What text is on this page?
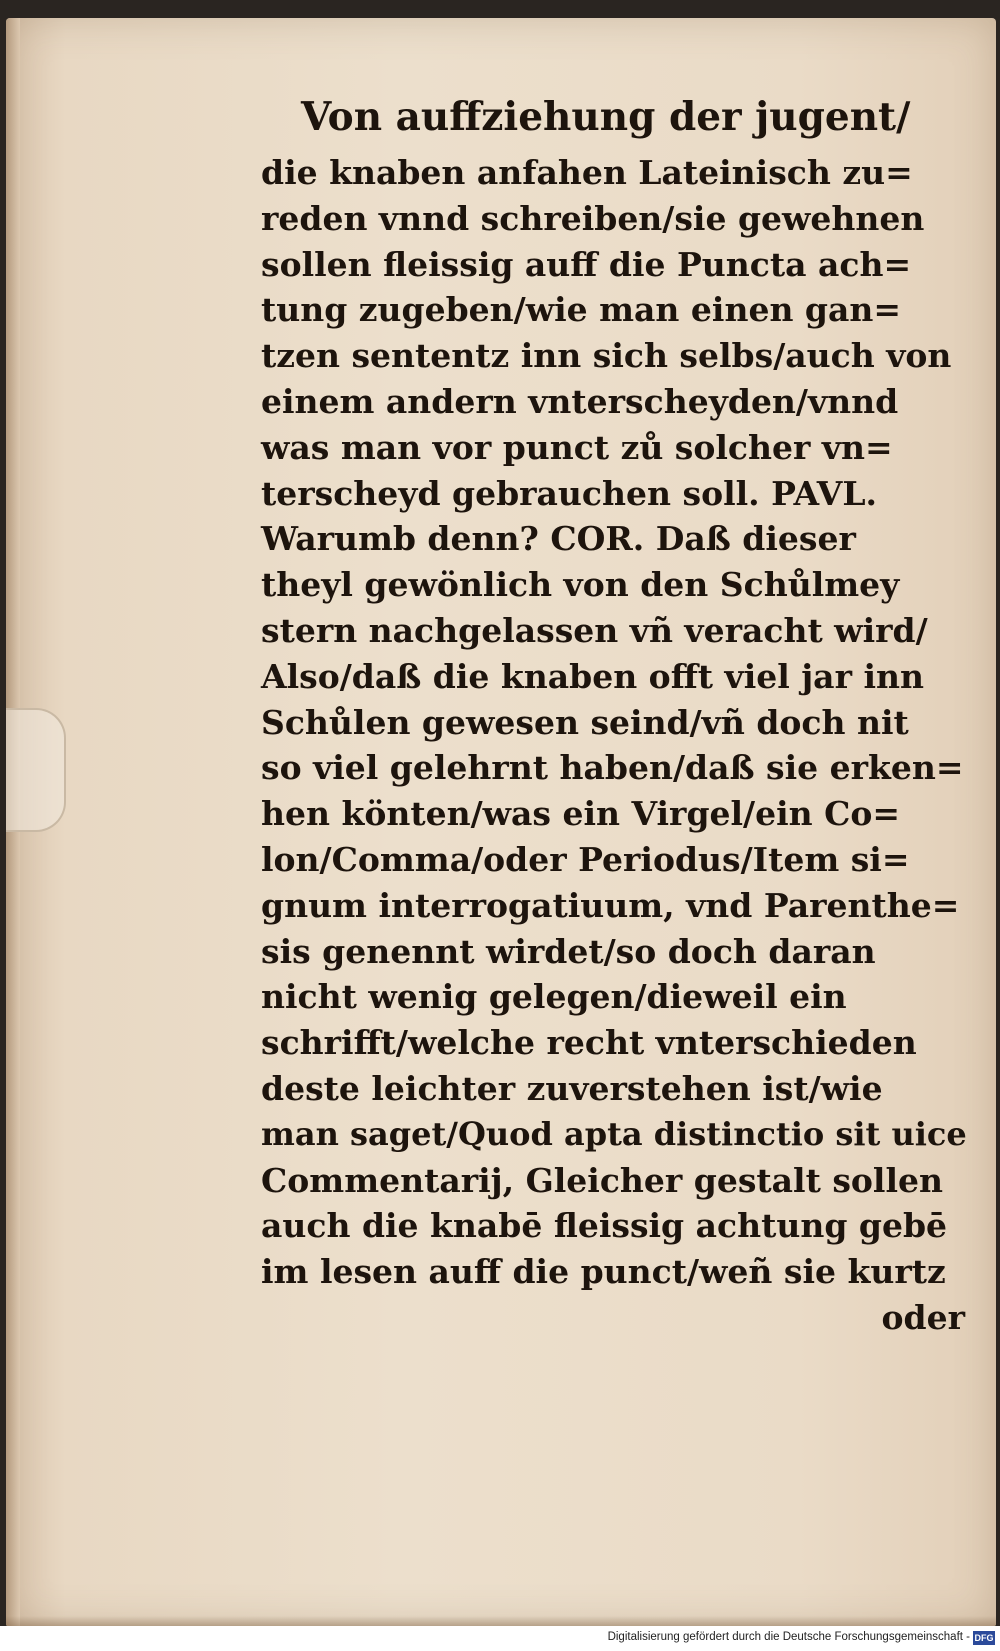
Von auffziehung der jugent/
die knaben anfahen Lateinisch zu=
reden vnnd schreiben/sie gewehnen
sollen fleissig auff die Puncta ach=
tung zugeben/wie man einen gan=
tzen sententz inn sich selbs/auch von
einem andern vnterscheyden/vnnd
was man vor punct zů solcher vn=
terscheyd gebrauchen soll. PAVL.
Warumb denn? COR. Daß dieser
theyl gewönlich von den Schůlmey
stern nachgelassen vñ veracht wird/
Also/daß die knaben offt viel jar inn
Schůlen gewesen seind/vñ doch nit
so viel gelehrnt haben/daß sie erken=
hen könten/was ein Virgel/ein Co=
lon/Comma/oder Periodus/Item si=
gnum interrogatiuum, vnd Parenthe=
sis genennt wirdet/so doch daran
nicht wenig gelegen/dieweil ein
schrifft/welche recht vnterschieden
deste leichter zuverstehen ist/wie
man saget/Quod apta distinctio sit uice
Commentarij, Gleicher gestalt sollen
auch die knabē fleissig achtung gebē
im lesen auff die punct/weñ sie kurtz
oder
Digitalisierung gefördert durch die Deutsche Forschungsgemeinschaft - DFG
